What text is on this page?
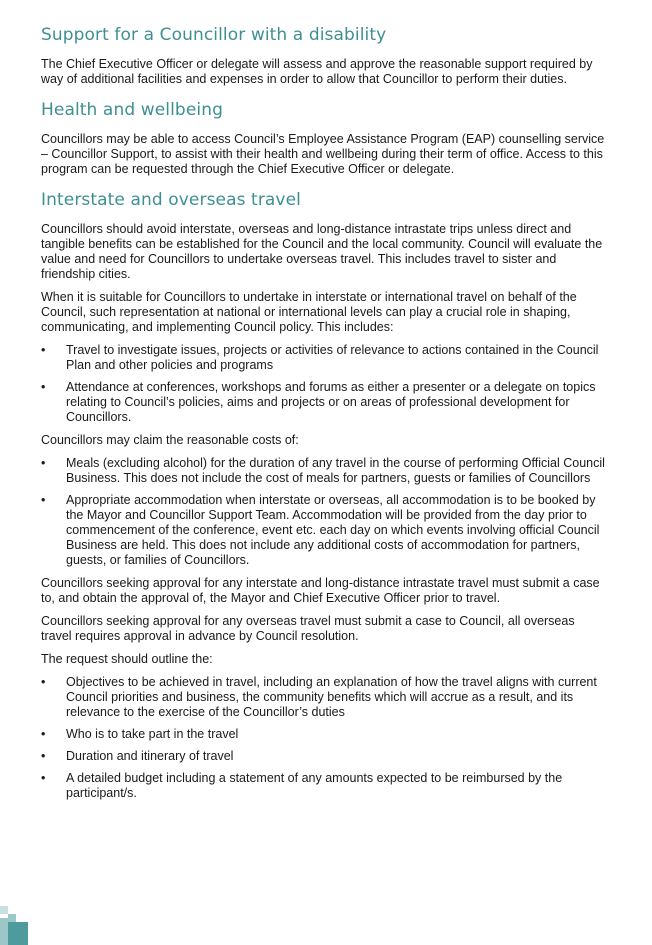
Support for a Councillor with a disability

The Chief Executive Officer or delegate will assess and approve the reasonable support required by way of additional facilities and expenses in order to allow that Councillor to perform their duties.

Health and wellbeing

Councillors may be able to access Council’s Employee Assistance Program (EAP) counselling service – Councillor Support, to assist with their health and wellbeing during their term of office. Access to this program can be requested through the Chief Executive Officer or delegate.

Interstate and overseas travel

Councillors should avoid interstate, overseas and long-distance intrastate trips unless direct and tangible benefits can be established for the Council and the local community. Council will evaluate the value and need for Councillors to undertake overseas travel. This includes travel to sister and friendship cities.

When it is suitable for Councillors to undertake in interstate or international travel on behalf of the Council, such representation at national or international levels can play a crucial role in shaping, communicating, and implementing Council policy. This includes:

•	Travel to investigate issues, projects or activities of relevance to actions contained in the Council Plan and other policies and programs
•	Attendance at conferences, workshops and forums as either a presenter or a delegate on topics relating to Council’s policies, aims and projects or on areas of professional development for Councillors.

Councillors may claim the reasonable costs of:

•	Meals (excluding alcohol) for the duration of any travel in the course of performing Official Council Business. This does not include the cost of meals for partners, guests or families of Councillors
•	Appropriate accommodation when interstate or overseas, all accommodation is to be booked by the Mayor and Councillor Support Team. Accommodation will be provided from the day prior to commencement of the conference, event etc. each day on which events involving official Council Business are held. This does not include any additional costs of accommodation for partners, guests, or families of Councillors.

Councillors seeking approval for any interstate and long-distance intrastate travel must submit a case to, and obtain the approval of, the Mayor and Chief Executive Officer prior to travel.

Councillors seeking approval for any overseas travel must submit a case to Council, all overseas travel requires approval in advance by Council resolution.

The request should outline the:

•	Objectives to be achieved in travel, including an explanation of how the travel aligns with current Council priorities and business, the community benefits which will accrue as a result, and its relevance to the exercise of the Councillor’s duties
•	Who is to take part in the travel
•	Duration and itinerary of travel
•	A detailed budget including a statement of any amounts expected to be reimbursed by the participant/s.
